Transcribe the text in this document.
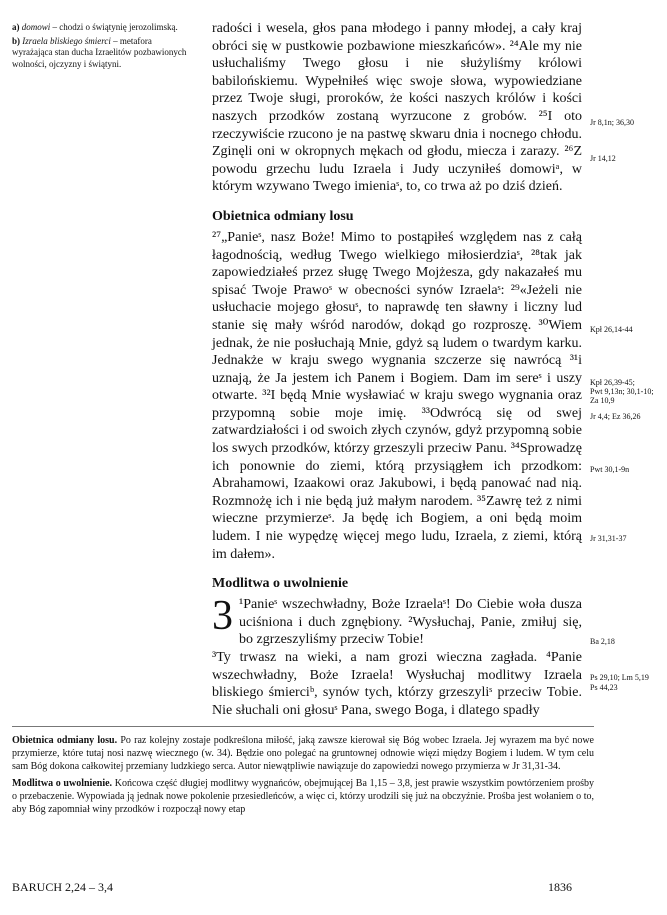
a) domowi – chodzi o świątynię jerozolimską.

b) Izraela bliskiego śmierci – metafora wyrażająca stan ducha Izraelitów pozbawionych wolności, ojczyzny i świątyni.

radości i wesela, głos pana młodego i panny młodej, a cały kraj obróci się w pustkowie pozbawione mieszkańców». ²⁴Ale my nie usłuchaliśmy Twego głosu i nie służyliśmy królowi babilońskiemu. Wypełniłeś więc swoje słowa, wypowiedziane przez Twoje sługi, proroków, że kości naszych królów i kości naszych przodków zostaną wyrzucone z grobów. ²⁵I oto rzeczywiście rzucono je na pastwę skwaru dnia i nocnego chłodu. Zginęli oni w okropnych mękach od głodu, miecza i zarazy. ²⁶Z powodu grzechu ludu Izraela i Judy uczyniłeś domowiᵃ, w którym wzywano Twego imieniaˢ, to, co trwa aż po dziś dzień.

Obietnica odmiany losu

²⁷„Panieˢ, nasz Boże! Mimo to postąpiłeś względem nas z całą łagodnością, według Twego wielkiego miłosierdziaˢ, ²⁸tak jak zapowiedziałeś przez sługę Twego Mojżesza, gdy nakazałeś mu spisać Twoje Prawoˢ w obecności synów Izraelaˢ: ²⁹«Jeżeli nie usłuchacie mojego głosuˢ, to naprawdę ten sławny i liczny lud stanie się mały wśród narodów, dokąd go rozproszę. ³⁰Wiem jednak, że nie posłuchają Mnie, gdyż są ludem o twardym karku. Jednakże w kraju swego wygnania szczerze się nawrócą ³¹i uznają, że Ja jestem ich Panem i Bogiem. Dam im sereˢ i uszy otwarte. ³²I będą Mnie wysławiać w kraju swego wygnania oraz przypomną sobie moje imię. ³³Odwrócą się od swej zatwardziałości i od swoich złych czynów, gdyż przypomną sobie los swych przodków, którzy grzeszyli przeciw Panu. ³⁴Sprowadzę ich ponownie do ziemi, którą przysiągłem ich przodkom: Abrahamowi, Izaakowi oraz Jakubowi, i będą panować nad nią. Rozmnożę ich i nie będą już małym narodem. ³⁵Zawrę też z nimi wieczne przymierzeˢ. Ja będę ich Bogiem, a oni będą moim ludem. I nie wypędzę więcej mego ludu, Izraela, z ziemi, którą im dałem».

Modlitwa o uwolnienie

3 ¹Panieˢ wszechwładny, Boże Izraelaˢ! Do Ciebie woła dusza uciśniona i duch zgnębiony. ²Wysłuchaj, Panie, zmiłuj się, bo zgrzeszyliśmy przeciw Tobie!

³Ty trwasz na wieki, a nam grozi wieczna zagłada. ⁴Panie wszechwładny, Boże Izraela! Wysłuchaj modlitwy Izraela bliskiego śmierciᵇ, synów tych, którzy grzeszyliˢ przeciw Tobie. Nie słuchali oni głosuˢ Pana, swego Boga, i dlatego spadły

Jr 8,1n; 36,30
Jr 14,12
Kpł 26,14-44
Kpł 26,39-45;
Pwt 9,13n; 30,1-10;
Za 10,9
Jr 4,4; Ez 36,26
Pwt 30,1-9n
Jr 31,31-37
Ba 2,18
Ps 29,10; Lm 5,19
Ps 44,23

Obietnica odmiany losu. Po raz kolejny zostaje podkreślona miłość, jaką zawsze kierował się Bóg wobec Izraela. Jej wyrazem ma być nowe przymierze, które tutaj nosi nazwę wiecznego (w. 34). Będzie ono polegać na gruntownej odnowie więzi między Bogiem i ludem. W tym celu sam Bóg dokona całkowitej przemiany ludzkiego serca. Autor niewątpliwie nawiązuje do zapowiedzi nowego przymierza w Jr 31,31-34.

Modlitwa o uwolnienie. Końcowa część długiej modlitwy wygnańców, obejmującej Ba 1,15 – 3,8, jest prawie wszystkim powtórzeniem prośby o przebaczenie. Wypowiada ją jednak nowe pokolenie przesiedleńców, a więc ci, którzy urodzili się już na obczyźnie. Prośba jest wołaniem o to, aby Bóg zapomniał winy przodków i rozpoczął nowy etap

BARUCH 2,24 – 3,4	1836
